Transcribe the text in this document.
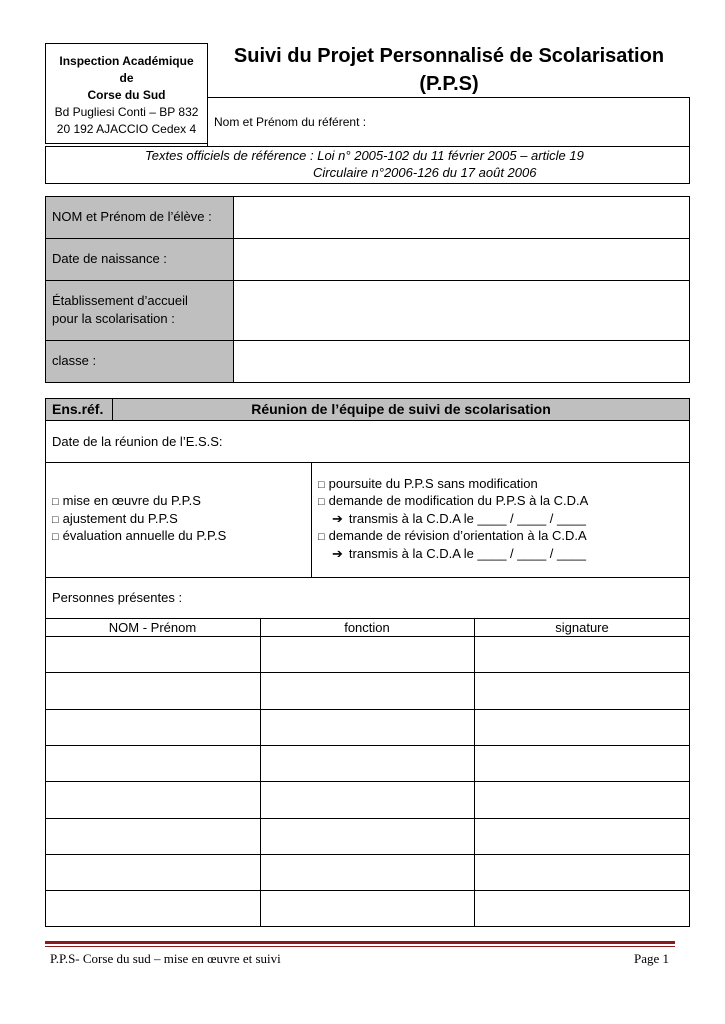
Inspection Académique
de
Corse du Sud
Bd Pugliesi Conti – BP 832
20 192 AJACCIO Cedex 4
Suivi du Projet Personnalisé de Scolarisation
(P.P.S)
Nom et Prénom du référent :
Textes officiels de référence : Loi n° 2005-102 du 11 février 2005 – article 19
Circulaire n°2006-126 du 17 août 2006
NOM et Prénom de l’élève :
Date de naissance :
Établissement d’accueil
pour la scolarisation :
classe :
Ens.réf.	Réunion de l’équipe de suivi de scolarisation
Date de la réunion de l’E.S.S:
□ mise en œuvre du P.P.S
□ ajustement du P.P.S
□ évaluation annuelle du P.P.S
□ poursuite du P.P.S sans modification
□ demande de modification du P.P.S à la C.D.A
➔ transmis à la C.D.A le ____ / ____ / ____
□ demande de révision d’orientation à la C.D.A
➔ transmis à la C.D.A le ____ / ____ / ____
Personnes présentes :
NOM - Prénom	fonction	signature
P.P.S- Corse du sud – mise en œuvre et suivi	Page 1
